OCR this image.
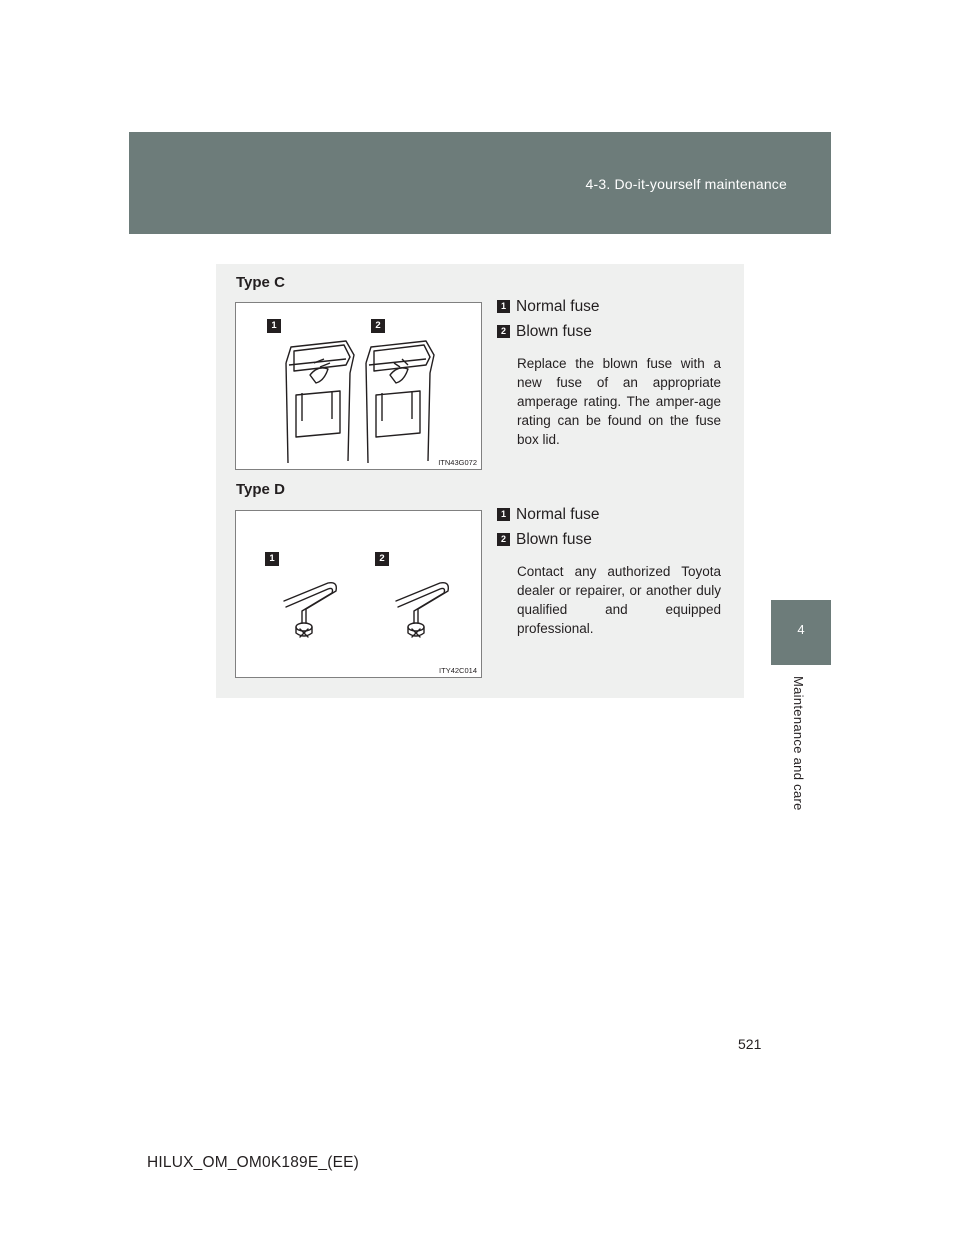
4-3. Do-it-yourself maintenance
4
Maintenance and care
Type C
1	2
ITN43G072
1 Normal fuse
2 Blown fuse
Replace the blown fuse with a new fuse of an appropriate amperage rating. The amper-age rating can be found on the fuse box lid.
Type D
1	2
ITY42C014
1 Normal fuse
2 Blown fuse
Contact any authorized Toyota dealer or repairer, or another duly qualified and equipped professional.
521
HILUX_OM_OM0K189E_(EE)
